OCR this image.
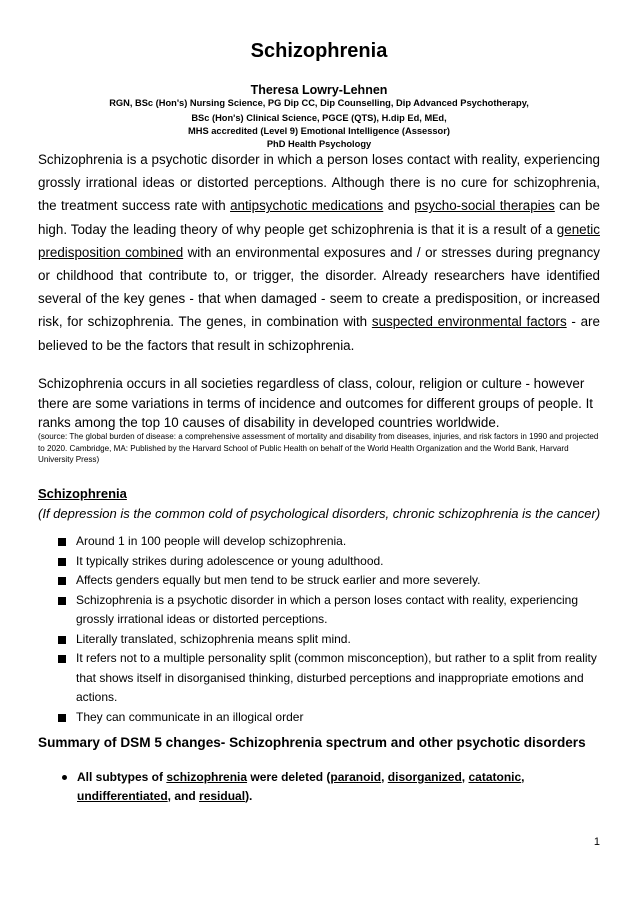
Schizophrenia
Theresa Lowry-Lehnen
RGN, BSc (Hon's) Nursing Science, PG Dip CC, Dip Counselling, Dip Advanced Psychotherapy,
BSc (Hon's) Clinical Science, PGCE (QTS), H.dip Ed, MEd,
MHS accredited (Level 9) Emotional Intelligence (Assessor)
PhD Health Psychology
Schizophrenia is a psychotic disorder in which a person loses contact with reality, experiencing grossly irrational ideas or distorted perceptions. Although there is no cure for schizophrenia, the treatment success rate with antipsychotic medications and psycho-social therapies can be high. Today the leading theory of why people get schizophrenia is that it is a result of a genetic predisposition combined with an environmental exposures and / or stresses during pregnancy or childhood that contribute to, or trigger, the disorder. Already researchers have identified several of the key genes - that when damaged - seem to create a predisposition, or increased risk, for schizophrenia. The genes, in combination with suspected environmental factors - are believed to be the factors that result in schizophrenia.
Schizophrenia occurs in all societies regardless of class, colour, religion or culture - however there are some variations in terms of incidence and outcomes for different groups of people. It ranks among the top 10 causes of disability in developed countries worldwide.
(source: The global burden of disease: a comprehensive assessment of mortality and disability from diseases, injuries, and risk factors in 1990 and projected to 2020. Cambridge, MA: Published by the Harvard School of Public Health on behalf of the World Health Organization and the World Bank, Harvard University Press)
Schizophrenia
(If depression is the common cold of psychological disorders, chronic schizophrenia is the cancer)
Around 1 in 100 people will develop schizophrenia.
It typically strikes during adolescence or young adulthood.
Affects genders equally but men tend to be struck earlier and more severely.
Schizophrenia is a psychotic disorder in which a person loses contact with reality, experiencing grossly irrational ideas or distorted perceptions.
Literally translated, schizophrenia means split mind.
It refers not to a multiple personality split (common misconception), but rather to a split from reality that shows itself in disorganised thinking, disturbed perceptions and inappropriate emotions and actions.
They can communicate in an illogical order
Summary of DSM 5 changes- Schizophrenia spectrum and other psychotic disorders
All subtypes of schizophrenia were deleted (paranoid, disorganized, catatonic, undifferentiated, and residual).
1
